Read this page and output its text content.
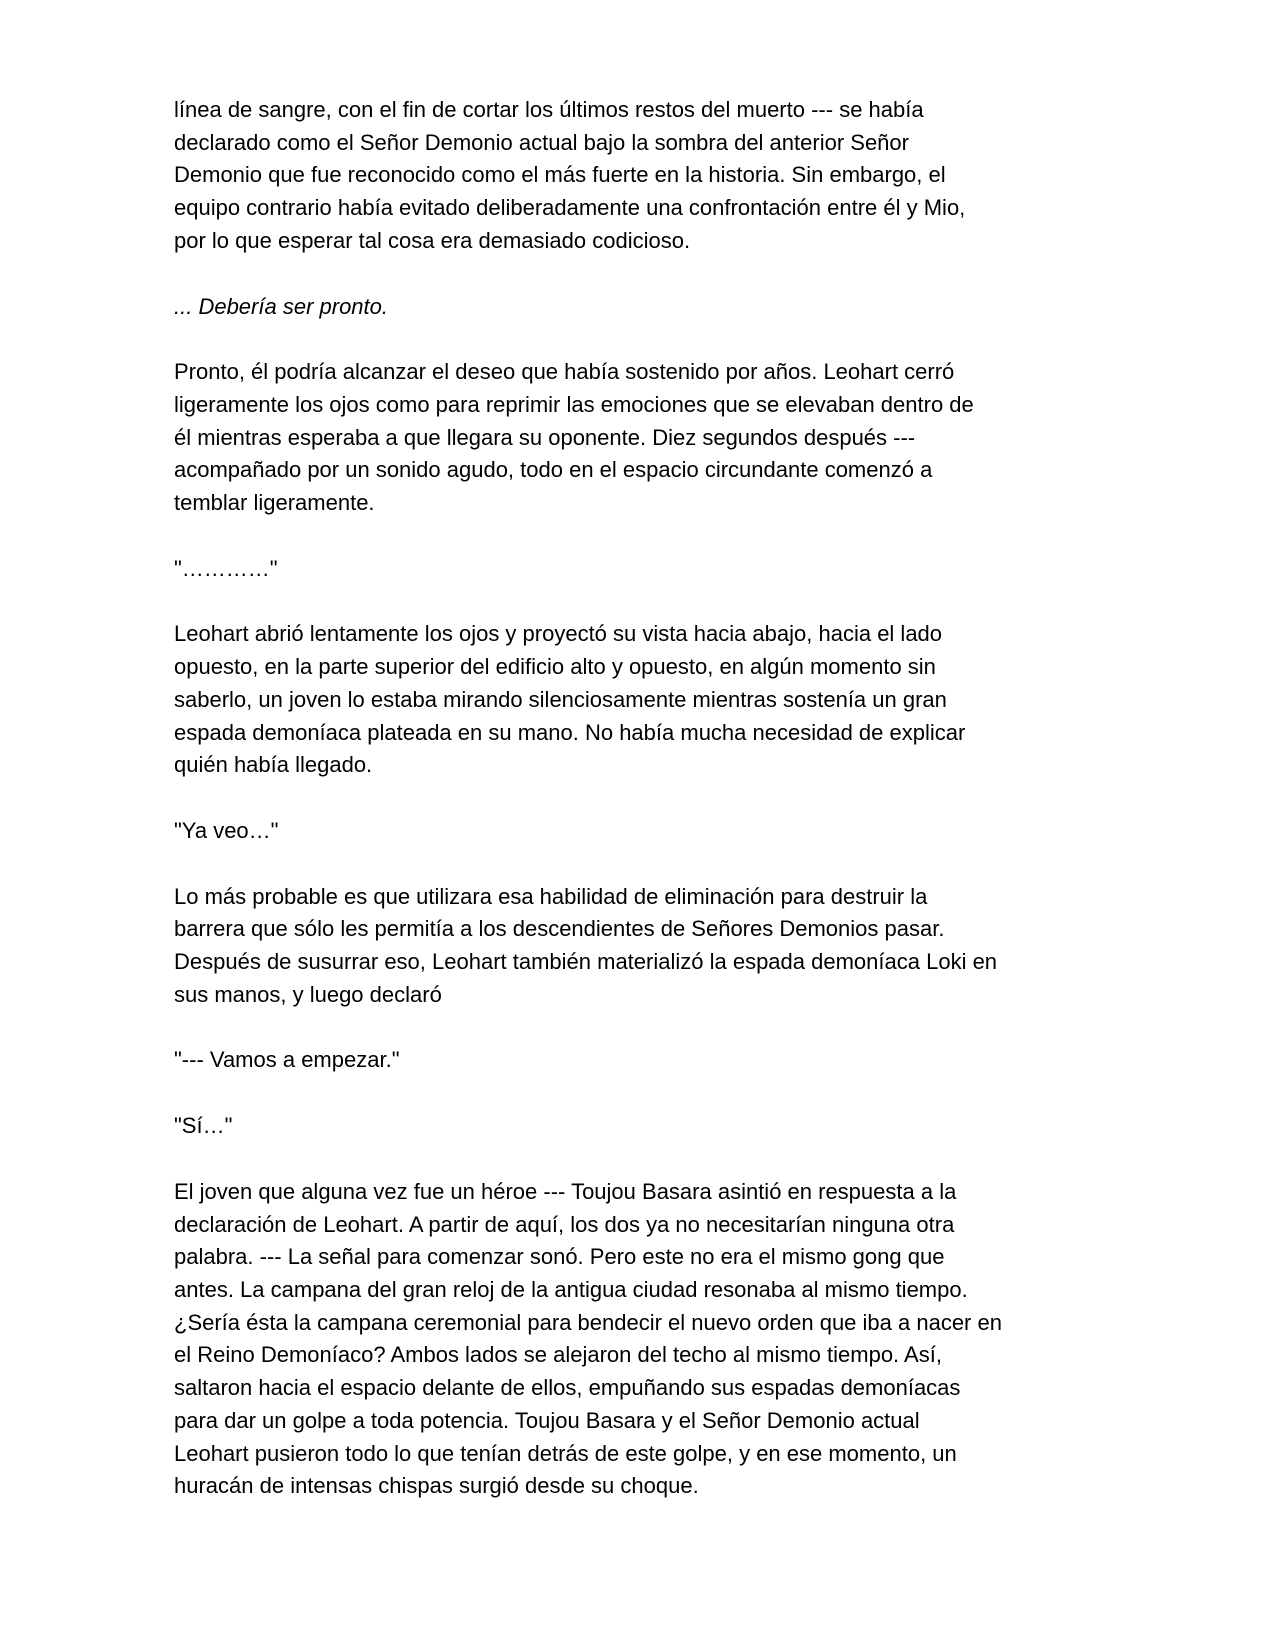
línea de sangre, con el fin de cortar los últimos restos del muerto --- se había
declarado como el Señor Demonio actual bajo la sombra del anterior Señor
Demonio que fue reconocido como el más fuerte en la historia. Sin embargo, el
equipo contrario había evitado deliberadamente una confrontación entre él y Mio,
por lo que esperar tal cosa era demasiado codicioso.

... Debería ser pronto.

Pronto, él podría alcanzar el deseo que había sostenido por años. Leohart cerró
ligeramente los ojos como para reprimir las emociones que se elevaban dentro de
él mientras esperaba a que llegara su oponente. Diez segundos después ---
acompañado por un sonido agudo, todo en el espacio circundante comenzó a
temblar ligeramente.

"…………"

Leohart abrió lentamente los ojos y proyectó su vista hacia abajo, hacia el lado
opuesto, en la parte superior del edificio alto y opuesto, en algún momento sin
saberlo, un joven lo estaba mirando silenciosamente mientras sostenía un gran
espada demoníaca plateada en su mano. No había mucha necesidad de explicar
quién había llegado.

"Ya veo…"

Lo más probable es que utilizara esa habilidad de eliminación para destruir la
barrera que sólo les permitía a los descendientes de Señores Demonios pasar.
Después de susurrar eso, Leohart también materializó la espada demoníaca Loki en
sus manos, y luego declaró

"--- Vamos a empezar."

"Sí…"

El joven que alguna vez fue un héroe --- Toujou Basara asintió en respuesta a la
declaración de Leohart. A partir de aquí, los dos ya no necesitarían ninguna otra
palabra. --- La señal para comenzar sonó. Pero este no era el mismo gong que
antes. La campana del gran reloj de la antigua ciudad resonaba al mismo tiempo.
¿Sería ésta la campana ceremonial para bendecir el nuevo orden que iba a nacer en
el Reino Demoníaco? Ambos lados se alejaron del techo al mismo tiempo. Así,
saltaron hacia el espacio delante de ellos, empuñando sus espadas demoníacas
para dar un golpe a toda potencia. Toujou Basara y el Señor Demonio actual
Leohart pusieron todo lo que tenían detrás de este golpe, y en ese momento, un
huracán de intensas chispas surgió desde su choque.
